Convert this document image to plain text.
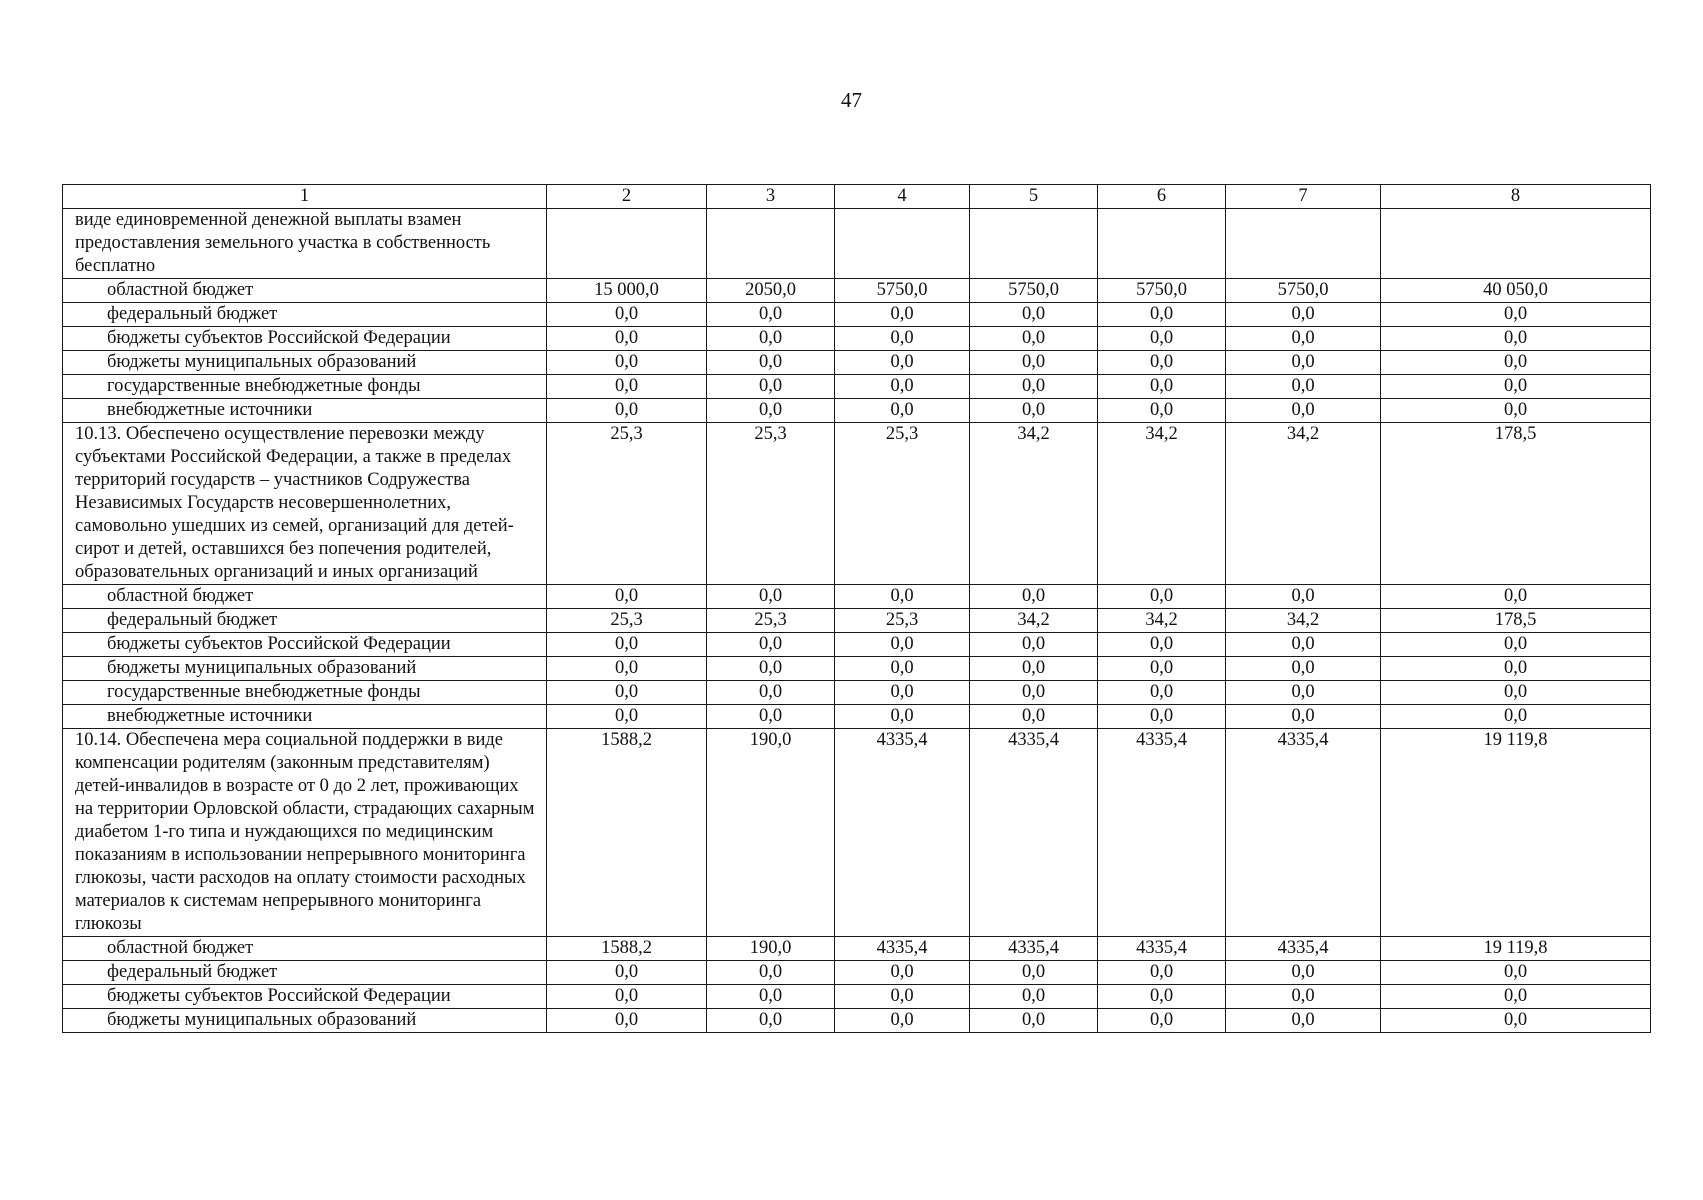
47
1	2	3	4	5	6	7	8
виде единовременной денежной выплаты взамен предоставления земельного участка в собственность бесплатно							
областной бюджет	15 000,0	2050,0	5750,0	5750,0	5750,0	5750,0	40 050,0
федеральный бюджет	0,0	0,0	0,0	0,0	0,0	0,0	0,0
бюджеты субъектов Российской Федерации	0,0	0,0	0,0	0,0	0,0	0,0	0,0
бюджеты муниципальных образований	0,0	0,0	0,0	0,0	0,0	0,0	0,0
государственные внебюджетные фонды	0,0	0,0	0,0	0,0	0,0	0,0	0,0
внебюджетные источники	0,0	0,0	0,0	0,0	0,0	0,0	0,0
10.13. Обеспечено осуществление перевозки между субъектами Российской Федерации, а также в пределах территорий государств – участников Содружества Независимых Государств несовершеннолетних, самовольно ушедших из семей, организаций для детей-сирот и детей, оставшихся без попечения родителей, образовательных организаций и иных организаций	25,3	25,3	25,3	34,2	34,2	34,2	178,5
областной бюджет	0,0	0,0	0,0	0,0	0,0	0,0	0,0
федеральный бюджет	25,3	25,3	25,3	34,2	34,2	34,2	178,5
бюджеты субъектов Российской Федерации	0,0	0,0	0,0	0,0	0,0	0,0	0,0
бюджеты муниципальных образований	0,0	0,0	0,0	0,0	0,0	0,0	0,0
государственные внебюджетные фонды	0,0	0,0	0,0	0,0	0,0	0,0	0,0
внебюджетные источники	0,0	0,0	0,0	0,0	0,0	0,0	0,0
10.14. Обеспечена мера социальной поддержки в виде компенсации родителям (законным представителям) детей-инвалидов в возрасте от 0 до 2 лет, проживающих на территории Орловской области, страдающих сахарным диабетом 1-го типа и нуждающихся по медицинским показаниям в использовании непрерывного мониторинга глюкозы, части расходов на оплату стоимости расходных материалов к системам непрерывного мониторинга глюкозы	1588,2	190,0	4335,4	4335,4	4335,4	4335,4	19 119,8
областной бюджет	1588,2	190,0	4335,4	4335,4	4335,4	4335,4	19 119,8
федеральный бюджет	0,0	0,0	0,0	0,0	0,0	0,0	0,0
бюджеты субъектов Российской Федерации	0,0	0,0	0,0	0,0	0,0	0,0	0,0
бюджеты муниципальных образований	0,0	0,0	0,0	0,0	0,0	0,0	0,0
